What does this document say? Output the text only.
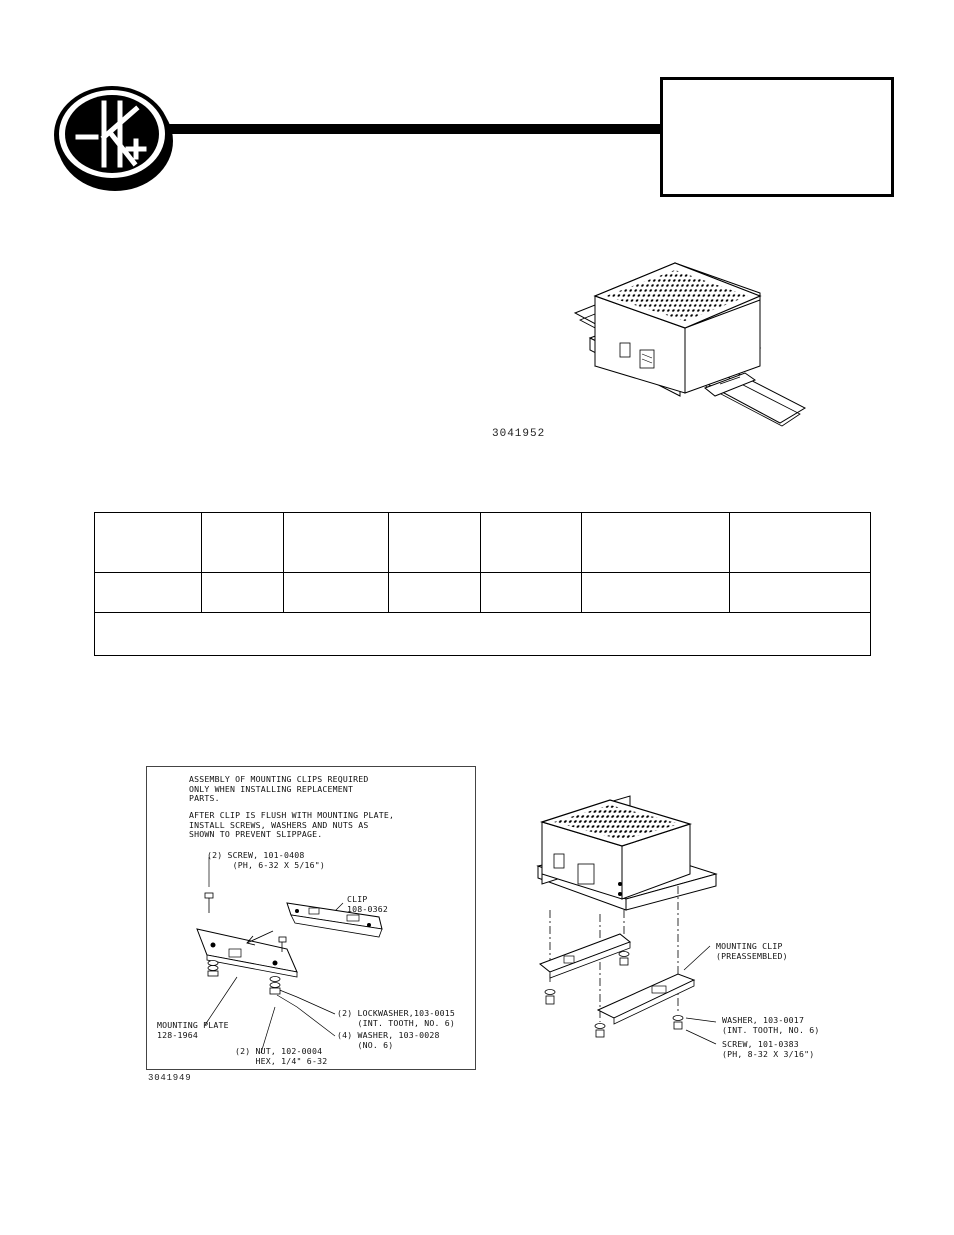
3041952

ASSEMBLY OF MOUNTING CLIPS REQUIRED
ONLY WHEN INSTALLING REPLACEMENT
PARTS.
AFTER CLIP IS FLUSH WITH MOUNTING PLATE,
INSTALL SCREWS, WASHERS AND NUTS AS
SHOWN TO PREVENT SLIPPAGE.
(2) SCREW, 101-0408
(PH, 6-32 X 5/16")
CLIP
108-0362
(2) LOCKWASHER,103-0015
(INT. TOOTH, NO. 6)
(4) WASHER, 103-0028
(NO. 6)
(2) NUT, 102-0004
HEX, 1/4" 6-32
MOUNTING PLATE
128-1964
3041949
MOUNTING CLIP
(PREASSEMBLED)
WASHER, 103-0017
(INT. TOOTH, NO. 6)
SCREW, 101-0383
(PH, 8-32 X 3/16")
